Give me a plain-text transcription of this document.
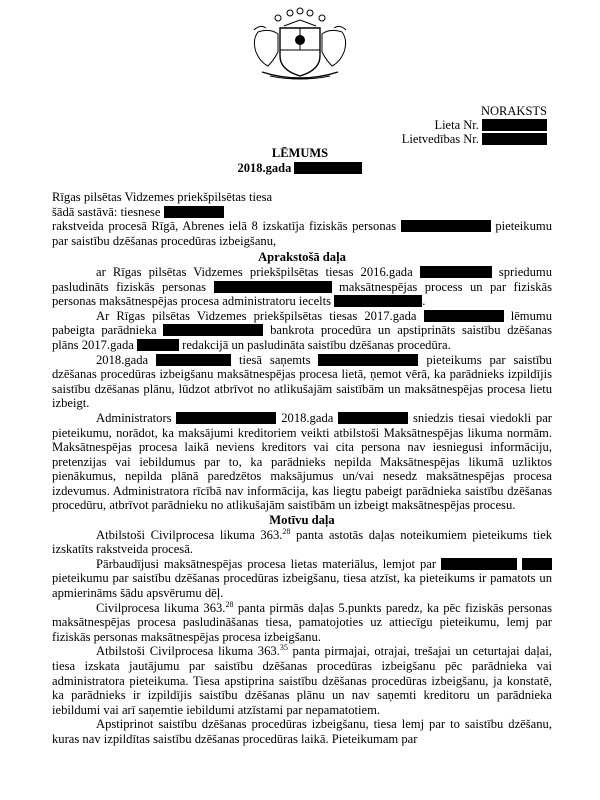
NORAKSTS
Lieta Nr.
Lietvedības Nr.
LĒMUMS
2018.gada

Rīgas pilsētas Vidzemes priekšpilsētas tiesa

šādā sastāvā: tiesnese

rakstveida procesā Rīgā, Abrenes ielā 8 izskatīja fiziskās personas	pieteikumu par saistību dzēšanas procedūras izbeigšanu,

Aprakstošā daļa

ar Rīgas pilsētas Vidzemes priekšpilsētas tiesas 2016.gada	spriedumu pasludināts fiziskās personas	maksātnespējas process un par fiziskās personas maksātnespējas procesa administratoru iecelts	.

Ar Rīgas pilsētas Vidzemes priekšpilsētas tiesas 2017.gada	lēmumu pabeigta parādnieka	bankrota procedūra un apstiprināts saistību dzēšanas plāns 2017.gada	redakcijā un pasludināta saistību dzēšanas procedūra.

2018.gada	tiesā saņemts	pieteikums par saistību dzēšanas procedūras izbeigšanu maksātnespējas procesa lietā, ņemot vērā, ka parādnieks izpildījis saistību dzēšanas plānu, lūdzot atbrīvot no atlikušajām saistībām un maksātnespējas procesa lietu izbeigt.

Administrators	2018.gada	sniedzis tiesai viedokli par pieteikumu, norādot, ka maksājumi kreditoriem veikti atbilstoši Maksātnespējas likuma normām. Maksātnespējas procesa laikā neviens kreditors vai cita persona nav iesniegusi informāciju, pretenzijas vai iebildumus par to, ka parādnieks nepilda Maksātnespējas likumā uzliktos pienākumus, nepilda plānā paredzētos maksājumus un/vai nesedz maksātnespējas procesa izdevumus. Administratora rīcībā nav informācija, kas liegtu pabeigt parādnieka saistību dzēšanas procedūru, atbrīvot parādnieku no atlikušajām saistībām un izbeigt maksātnespējas procesu.

Motīvu daļa

Atbilstoši Civilprocesa likuma 363.28 panta astotās daļas noteikumiem pieteikums tiek izskatīts rakstveida procesā.

Pārbaudījusi maksātnespējas procesa lietas materiālus, lemjot par   pieteikumu par saistību dzēšanas procedūras izbeigšanu, tiesa atzīst, ka pieteikums ir pamatots un apmierināms šādu apsvērumu dēļ.

Civilprocesa likuma 363.28 panta pirmās daļas 5.punkts paredz, ka pēc fiziskās personas maksātnespējas procesa pasludināšanas tiesa, pamatojoties uz attiecīgu pieteikumu, lemj par fiziskās personas maksātnespējas procesa izbeigšanu.

Atbilstoši Civilprocesa likuma 363.35 panta pirmajai, otrajai, trešajai un ceturtajai daļai, tiesa izskata jautājumu par saistību dzēšanas procedūras izbeigšanu pēc parādnieka vai administratora pieteikuma. Tiesa apstiprina saistību dzēšanas procedūras izbeigšanu, ja konstatē, ka parādnieks ir izpildījis saistību dzēšanas plānu un nav saņemti kreditoru un parādnieka iebildumi vai arī saņemtie iebildumi atzīstami par nepamatotiem.

Apstiprinot saistību dzēšanas procedūras izbeigšanu, tiesa lemj par to saistību dzēšanu, kuras nav izpildītas saistību dzēšanas procedūras laikā. Pieteikumam par
